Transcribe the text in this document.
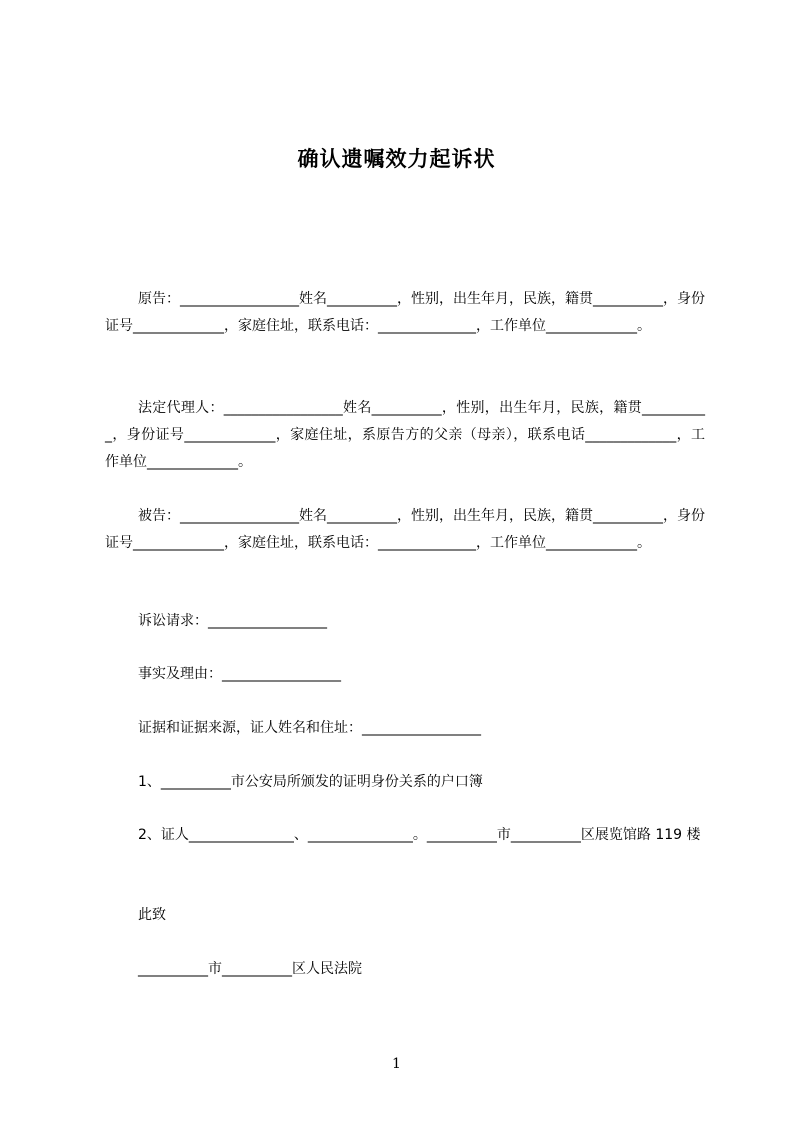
确认遗嘱效力起诉状
原告：_________________姓名__________，性别，出生年月，民族，籍贯__________，身份证号_____________，家庭住址，联系电话：______________，工作单位_____________。
法定代理人：_________________姓名__________，性别，出生年月，民族，籍贯__________，身份证号_____________，家庭住址，系原告方的父亲（母亲），联系电话_____________，工作单位_____________。
被告：_________________姓名__________，性别，出生年月，民族，籍贯__________，身份证号_____________，家庭住址，联系电话：______________，工作单位_____________。
诉讼请求：_________________
事实及理由：_________________
证据和证据来源，证人姓名和住址：_________________
1、__________市公安局所颁发的证明身份关系的户口簿
2、证人_______________、_______________。__________市__________区展览馆路 119 楼
此致
__________市__________区人民法院
1
